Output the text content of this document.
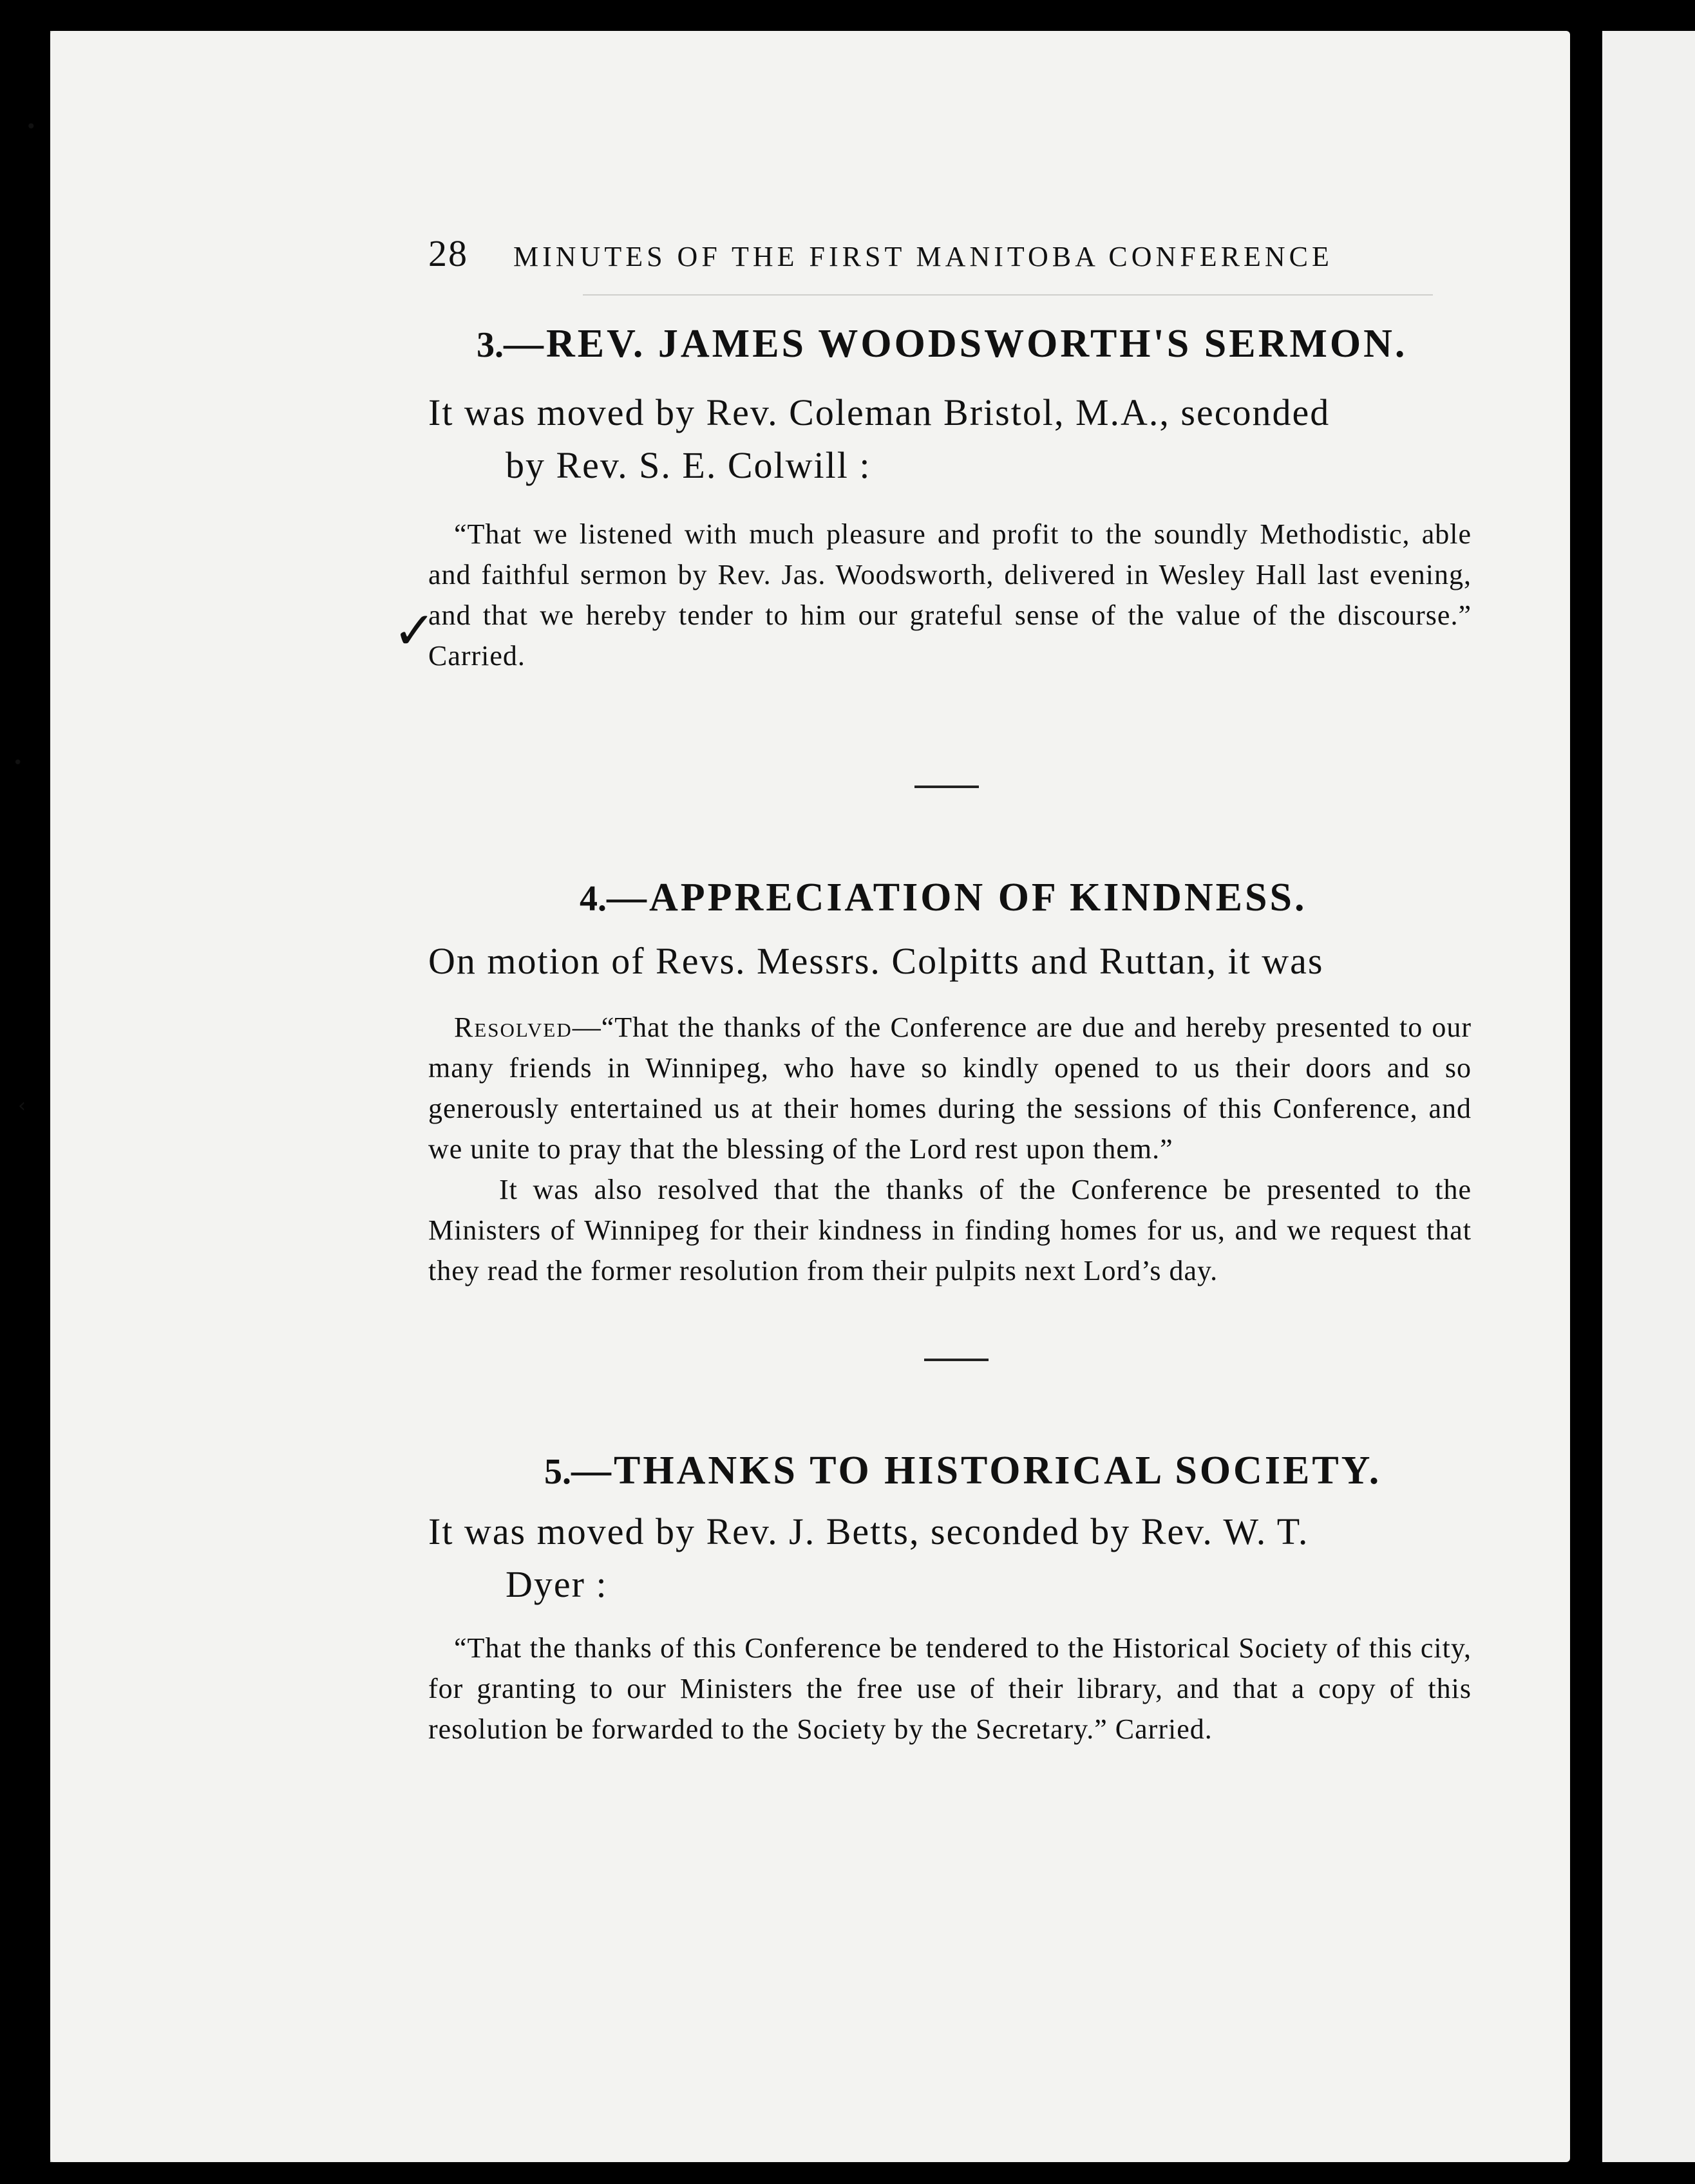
•
•
‹
✓
28 MINUTES OF THE FIRST MANITOBA CONFERENCE
3.—REV. JAMES WOODSWORTH'S SERMON.

It was moved by Rev. Coleman Bristol, M.A., seconded
by Rev. S. E. Colwill :

“That we listened with much pleasure and profit to the soundly Methodistic, able and faithful sermon by Rev. Jas. Woodsworth, delivered in Wesley Hall last evening, and that we hereby tender to him our grateful sense of the value of the discourse.” Carried.

4.—APPRECIATION OF KINDNESS.

On motion of Revs. Messrs. Colpitts and Ruttan, it was

Resolved—“That the thanks of the Conference are due and hereby presented to our many friends in Winnipeg, who have so kindly opened to us their doors and so generously entertained us at their homes during the sessions of this Conference, and we unite to pray that the blessing of the Lord rest upon them.”

It was also resolved that the thanks of the Conference be presented to the Ministers of Winnipeg for their kindness in finding homes for us, and we request that they read the former resolution from their pulpits next Lord’s day.

5.—THANKS TO HISTORICAL SOCIETY.

It was moved by Rev. J. Betts, seconded by Rev. W. T.
Dyer :

“That the thanks of this Conference be tendered to the Historical Society of this city, for granting to our Ministers the free use of their library, and that a copy of this resolution be forwarded to the Society by the Secretary.” Carried.
